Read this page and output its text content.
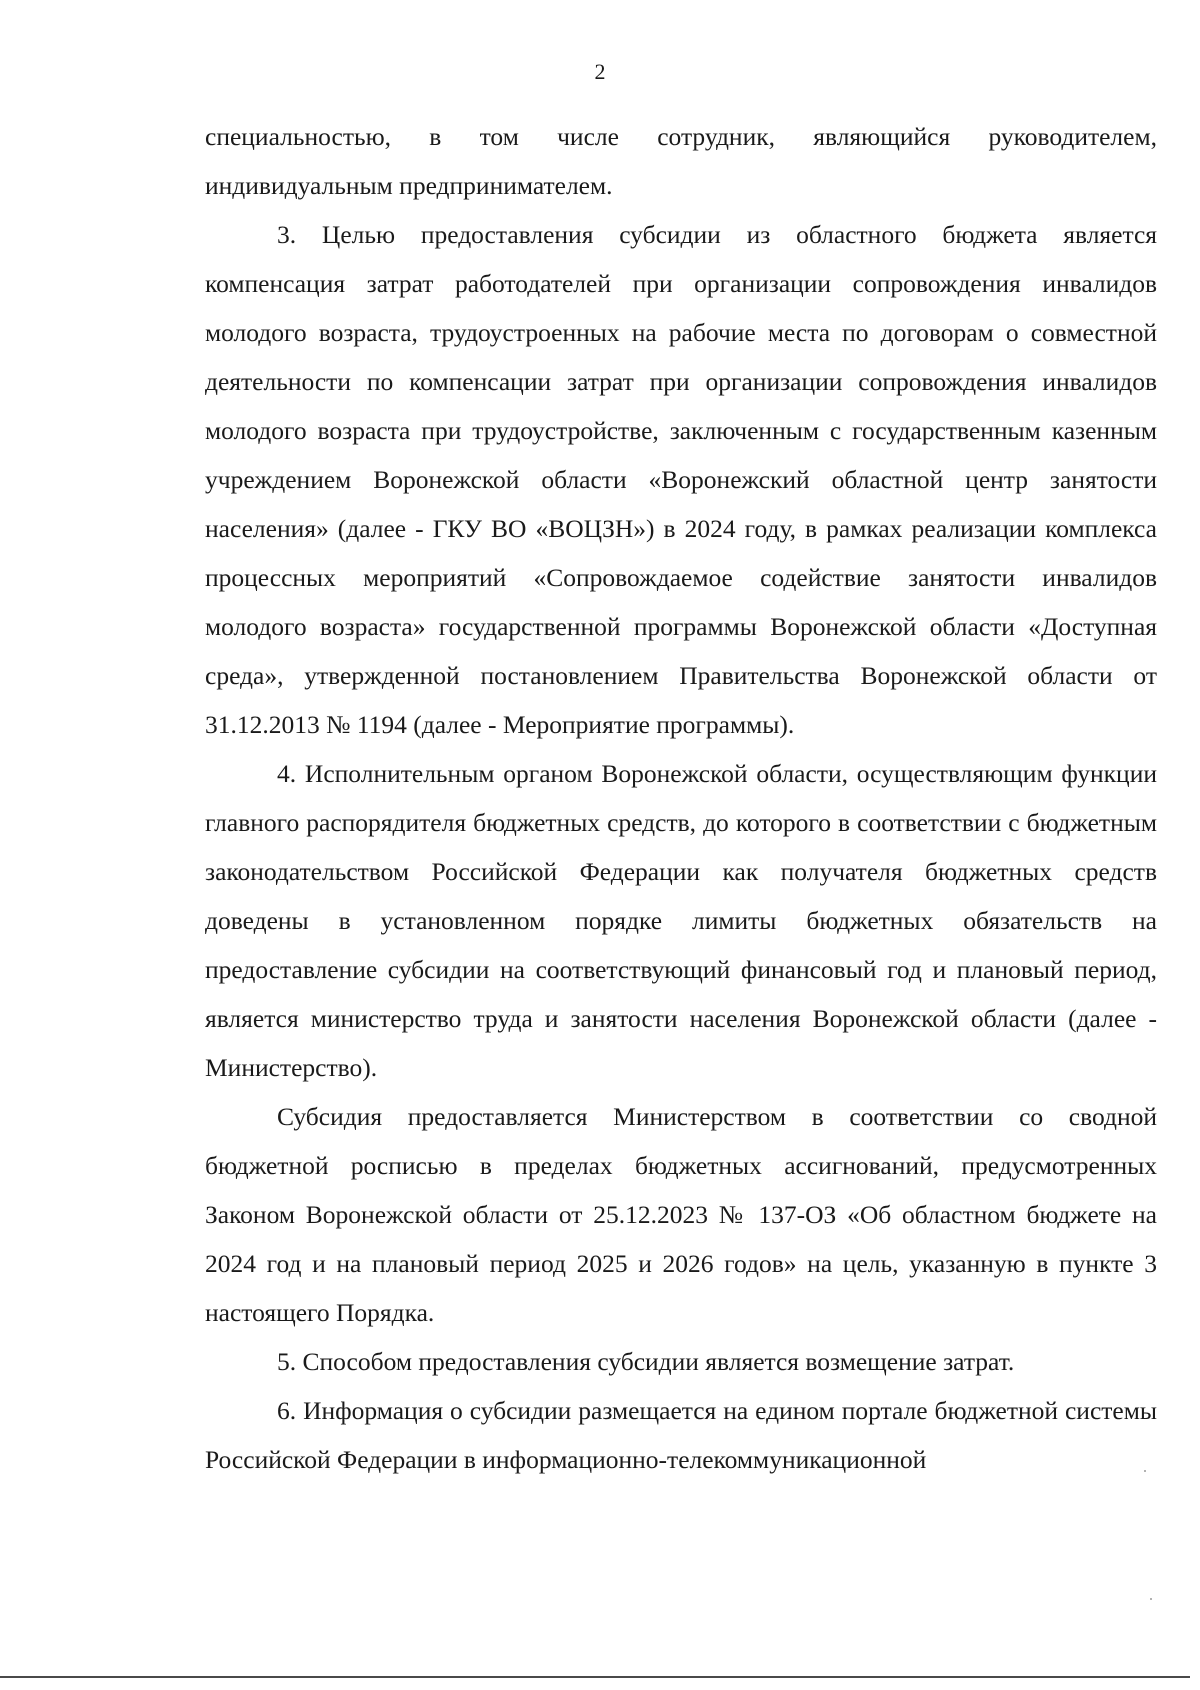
2

специальностью, в том числе сотрудник, являющийся руководителем, индивидуальным предпринимателем.

3. Целью предоставления субсидии из областного бюджета является компенсация затрат работодателей при организации сопровождения инвалидов молодого возраста, трудоустроенных на рабочие места по договорам о совместной деятельности по компенсации затрат при организации сопровождения инвалидов молодого возраста при трудоустройстве, заключенным с государственным казенным учреждением Воронежской области «Воронежский областной центр занятости населения» (далее - ГКУ ВО «ВОЦЗН») в 2024 году, в рамках реализации комплекса процессных мероприятий «Сопровождаемое содействие занятости инвалидов молодого возраста» государственной программы Воронежской области «Доступная среда», утвержденной постановлением Правительства Воронежской области от 31.12.2013 № 1194 (далее - Мероприятие программы).

4. Исполнительным органом Воронежской области, осуществляющим функции главного распорядителя бюджетных средств, до которого в соответствии с бюджетным законодательством Российской Федерации как получателя бюджетных средств доведены в установленном порядке лимиты бюджетных обязательств на предоставление субсидии на соответствующий финансовый год и плановый период, является министерство труда и занятости населения Воронежской области (далее - Министерство).

Субсидия предоставляется Министерством в соответствии со сводной бюджетной росписью в пределах бюджетных ассигнований, предусмотренных Законом Воронежской области от 25.12.2023 № 137-ОЗ «Об областном бюджете на 2024 год и на плановый период 2025 и 2026 годов» на цель, указанную в пункте 3 настоящего Порядка.

5. Способом предоставления субсидии является возмещение затрат.

6. Информация о субсидии размещается на едином портале бюджетной системы Российской Федерации в информационно-телекоммуникационной
